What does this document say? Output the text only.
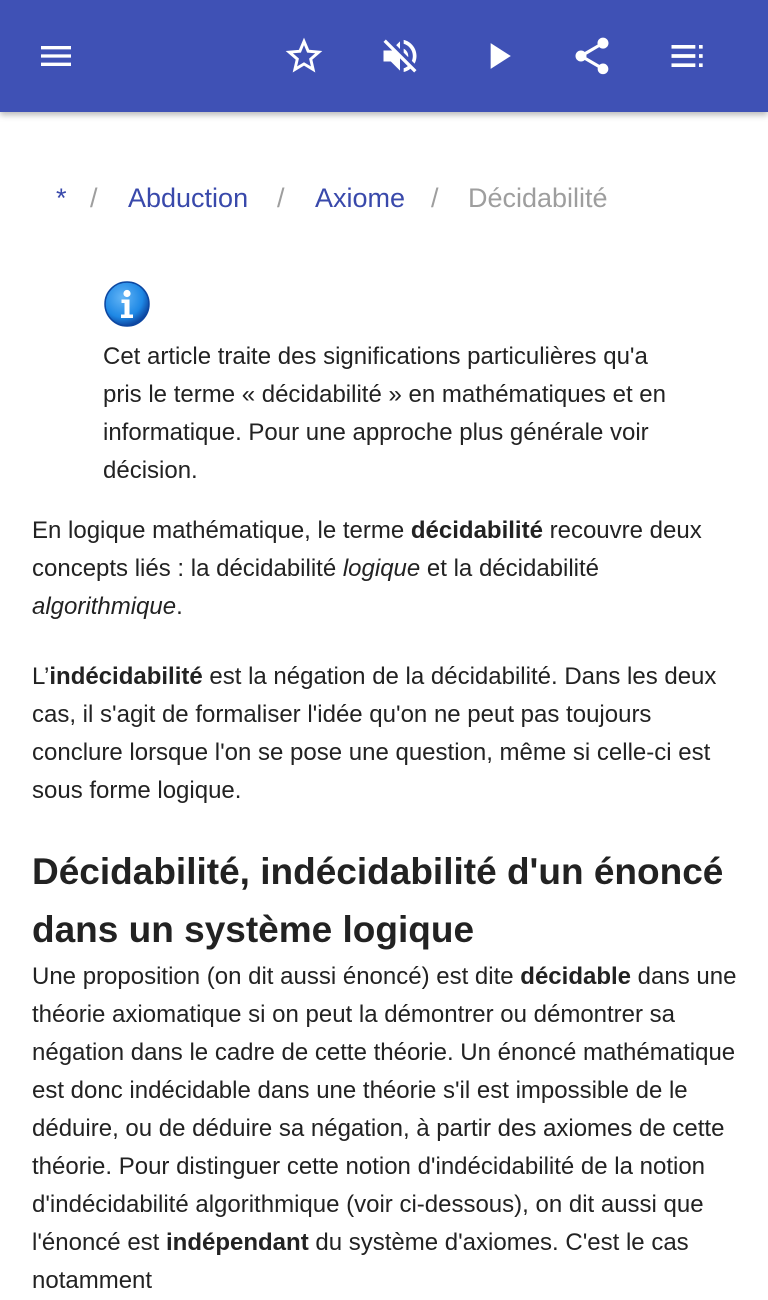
* / Abduction / Axiome / Décidabilité
Cet article traite des significations particulières qu'a pris le terme « décidabilité » en mathématiques et en informatique. Pour une approche plus générale voir décision.
En logique mathématique, le terme décidabilité recouvre deux concepts liés : la décidabilité logique et la décidabilité algorithmique.
L’indécidabilité est la négation de la décidabilité. Dans les deux cas, il s'agit de formaliser l'idée qu'on ne peut pas toujours conclure lorsque l'on se pose une question, même si celle-ci est sous forme logique.
Décidabilité, indécidabilité d'un énoncé dans un système logique
Une proposition (on dit aussi énoncé) est dite décidable dans une théorie axiomatique si on peut la démontrer ou démontrer sa négation dans le cadre de cette théorie. Un énoncé mathématique est donc indécidable dans une théorie s'il est impossible de le déduire, ou de déduire sa négation, à partir des axiomes de cette théorie. Pour distinguer cette notion d'indécidabilité de la notion d'indécidabilité algorithmique (voir ci-dessous), on dit aussi que l'énoncé est indépendant du système d'axiomes. C'est le cas notamment
